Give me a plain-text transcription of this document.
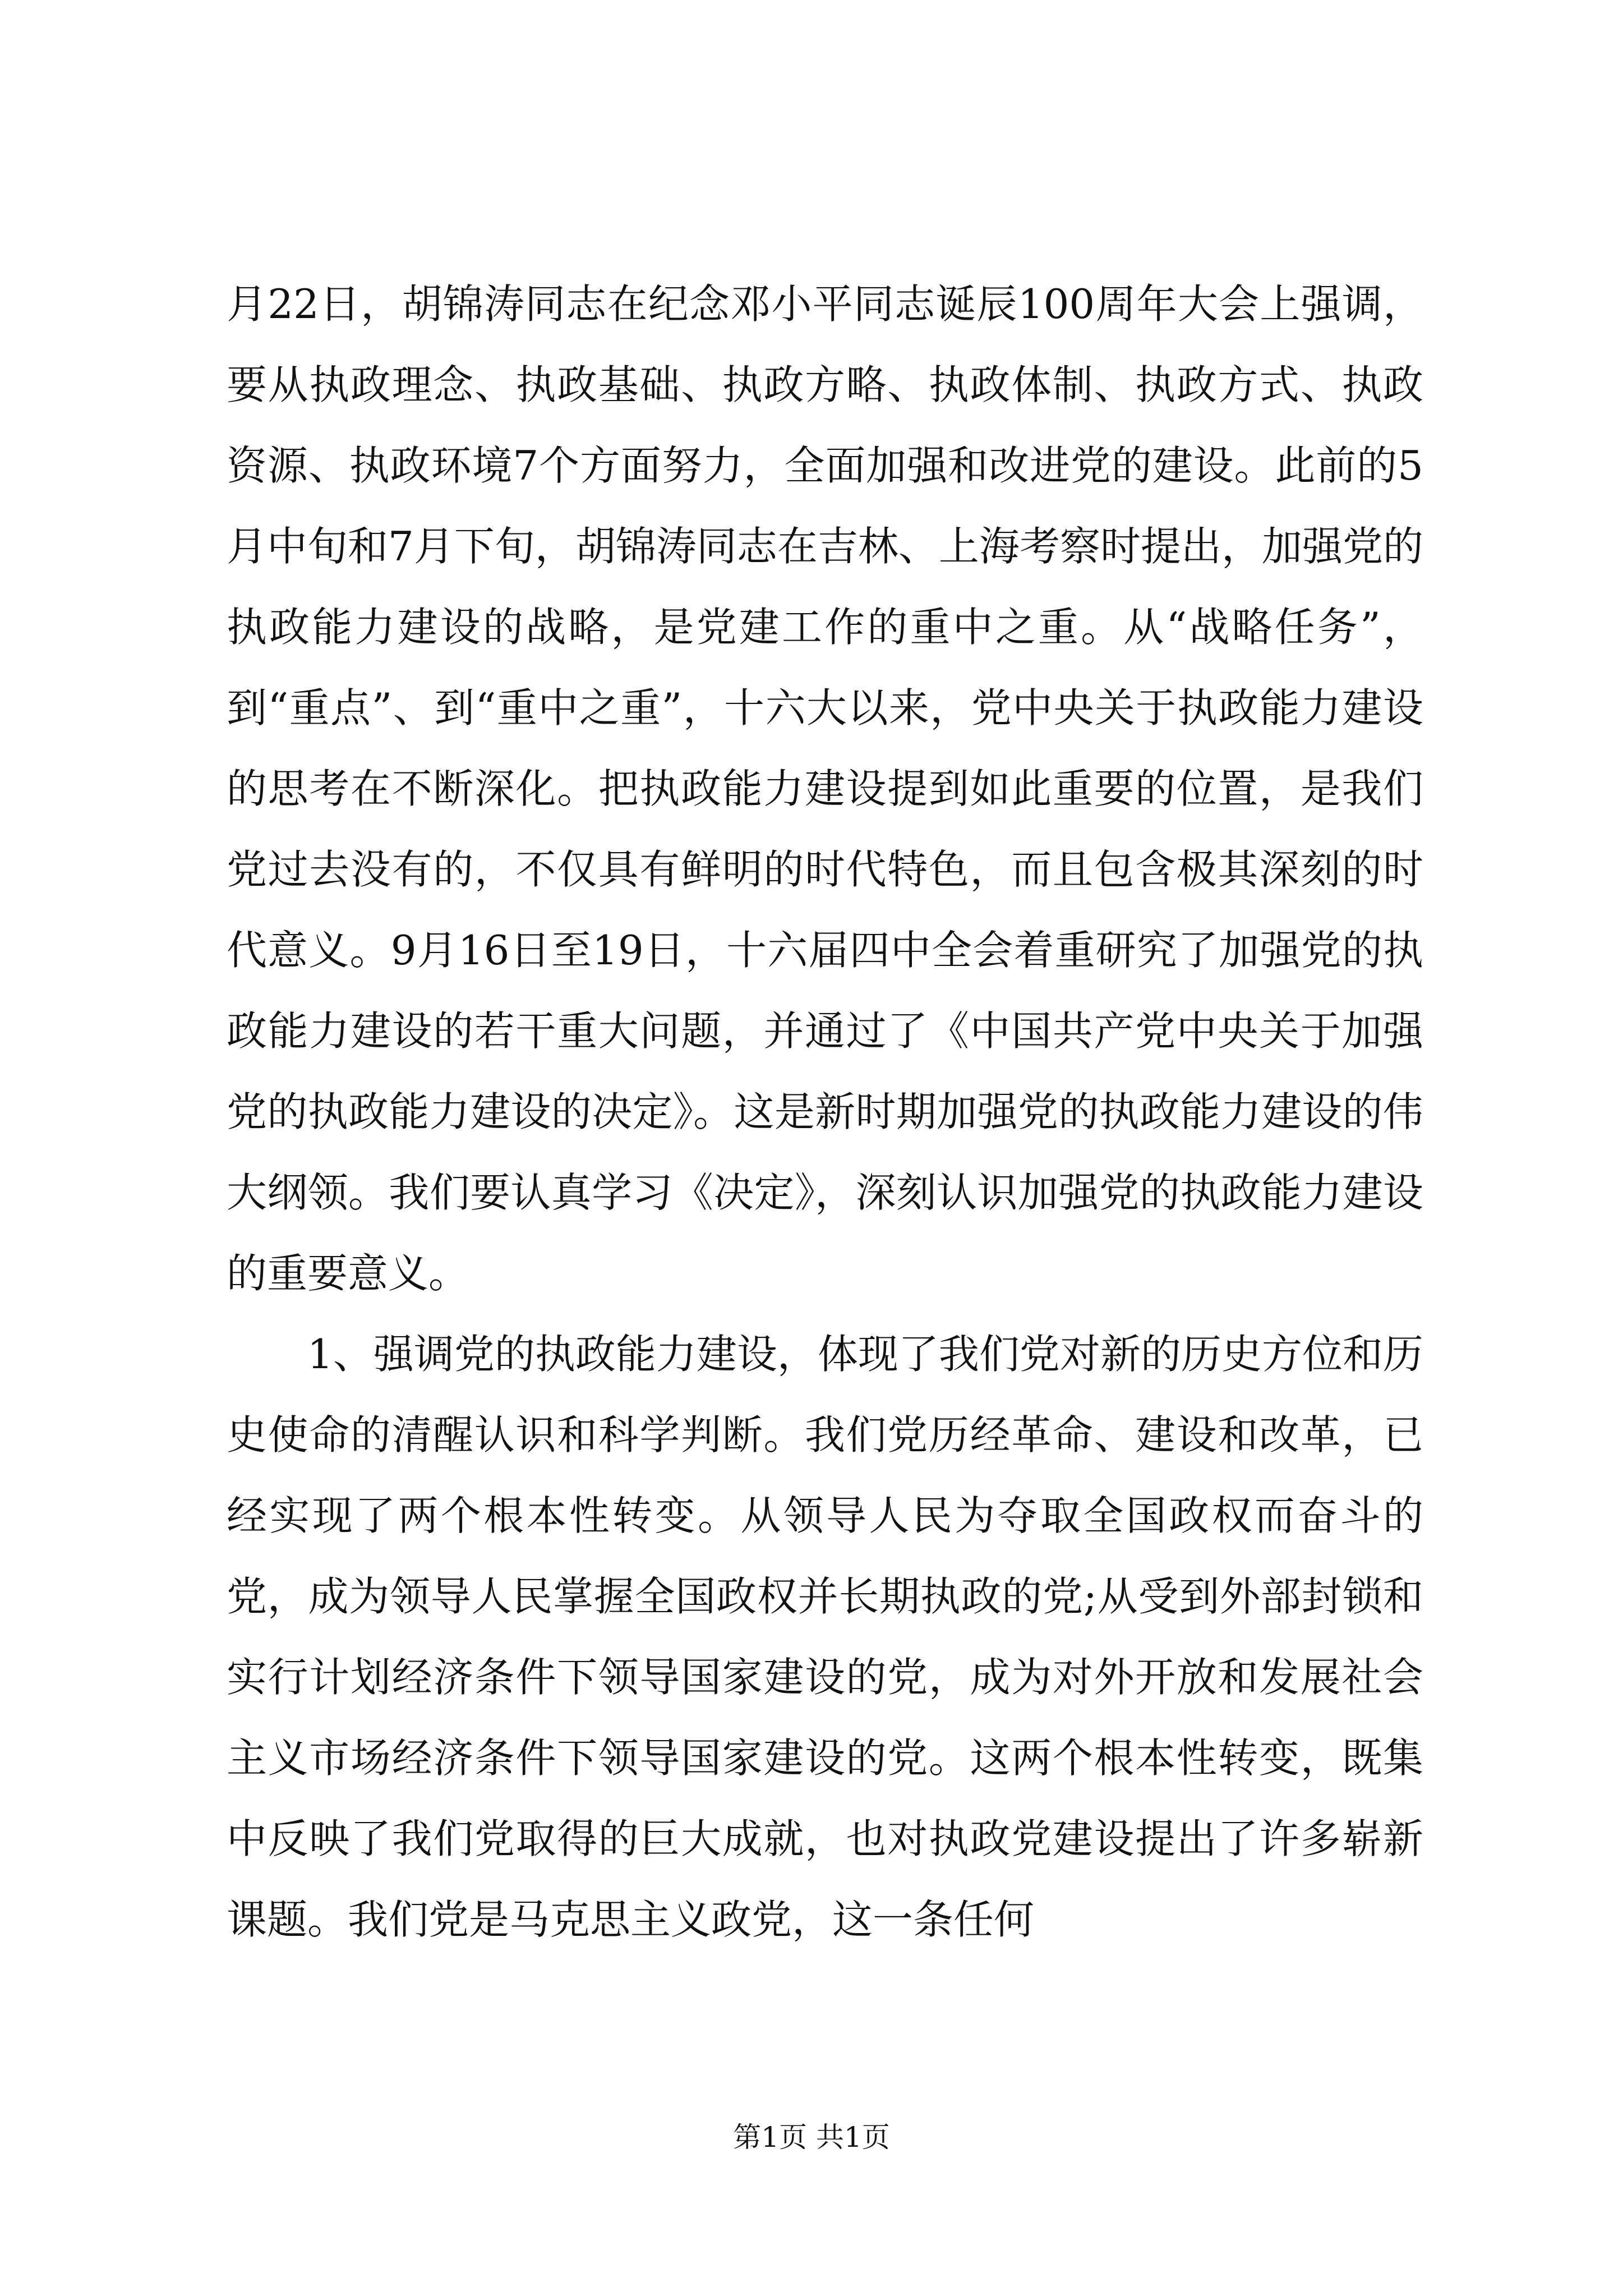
月22日，胡锦涛同志在纪念邓小平同志诞辰100周年大会上强调，要从执政理念、执政基础、执政方略、执政体制、执政方式、执政资源、执政环境7个方面努力，全面加强和改进党的建设。此前的5月中旬和7月下旬，胡锦涛同志在吉林、上海考察时提出，加强党的执政能力建设的战略，是党建工作的重中之重。从“战略任务”，到“重点”、到“重中之重”，十六大以来，党中央关于执政能力建设的思考在不断深化。把执政能力建设提到如此重要的位置，是我们党过去没有的，不仅具有鲜明的时代特色，而且包含极其深刻的时代意义。9月16日至19日，十六届四中全会着重研究了加强党的执政能力建设的若干重大问题，并通过了《中国共产党中央关于加强党的执政能力建设的决定》。这是新时期加强党的执政能力建设的伟大纲领。我们要认真学习《决定》，深刻认识加强党的执政能力建设的重要意义。

1、强调党的执政能力建设，体现了我们党对新的历史方位和历史使命的清醒认识和科学判断。我们党历经革命、建设和改革，已经实现了两个根本性转变。从领导人民为夺取全国政权而奋斗的党，成为领导人民掌握全国政权并长期执政的党;从受到外部封锁和实行计划经济条件下领导国家建设的党，成为对外开放和发展社会主义市场经济条件下领导国家建设的党。这两个根本性转变，既集中反映了我们党取得的巨大成就，也对执政党建设提出了许多崭新课题。我们党是马克思主义政党，这一条任何

第1页 共1页
